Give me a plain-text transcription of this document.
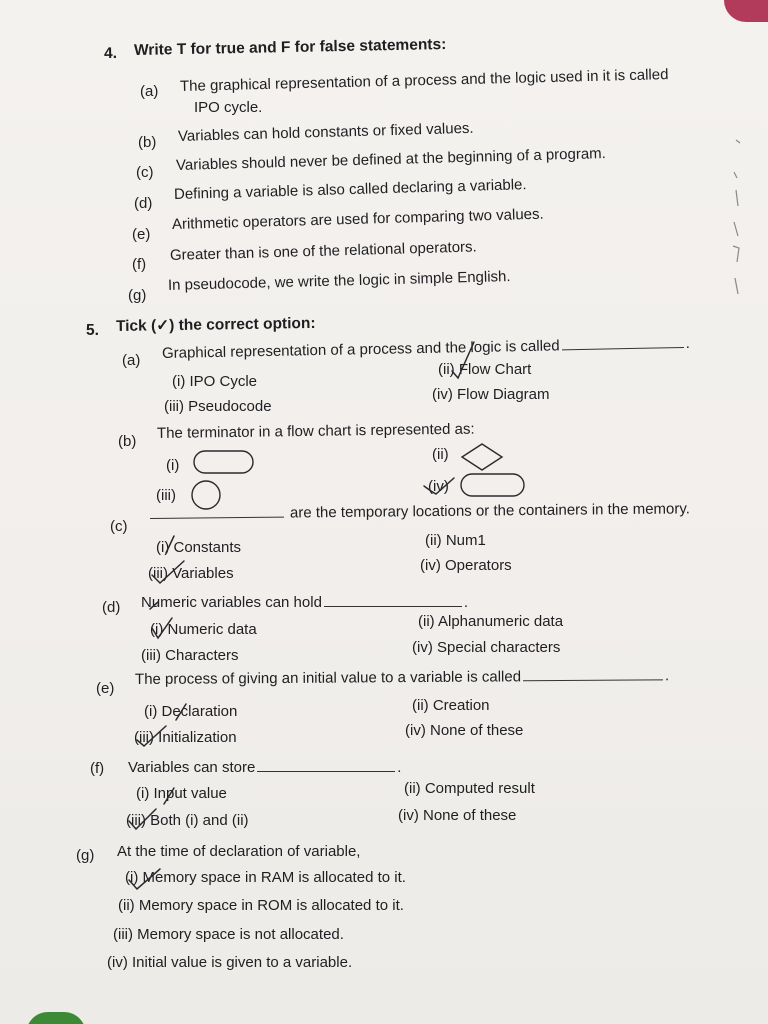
4. Write T for true and F for false statements:
(a) The graphical representation of a process and the logic used in it is called
IPO cycle.
(b) Variables can hold constants or fixed values.
(c) Variables should never be defined at the beginning of a program.
(d)
Defining a variable is also called declaring a variable.
(e)
Arithmetic operators are used for comparing two values.
(f)
Greater than is one of the relational operators.
(g)
In pseudocode, we write the logic in simple English.
5. Tick (✓) the correct option:
(a) Graphical representation of a process and the logic is called	.
(i) IPO Cycle
(ii) Flow Chart
(iii) Pseudocode
(iv) Flow Diagram
(b) The terminator in a flow chart is represented as:
(i)
(ii)
(iii)
(iv)
(c)
are the temporary locations or the containers in the memory.
(i) Constants	(ii) Num1
(iii) Variables	(iv) Operators
(d) Numeric variables can hold	.
(i) Numeric data	(ii) Alphanumeric data
(iii) Characters	(iv) Special characters
(e)
The process of giving an initial value to a variable is called	.
(i) Declaration	(ii) Creation
(iii) Initialization	(iv) None of these
(f) Variables can store	.
(i) Input value	(ii) Computed result
(iii) Both (i) and (ii)	(iv) None of these
(g) At the time of declaration of variable,
(i) Memory space in RAM is allocated to it.
(ii) Memory space in ROM is allocated to it.
(iii) Memory space is not allocated.
(iv) Initial value is given to a variable.
